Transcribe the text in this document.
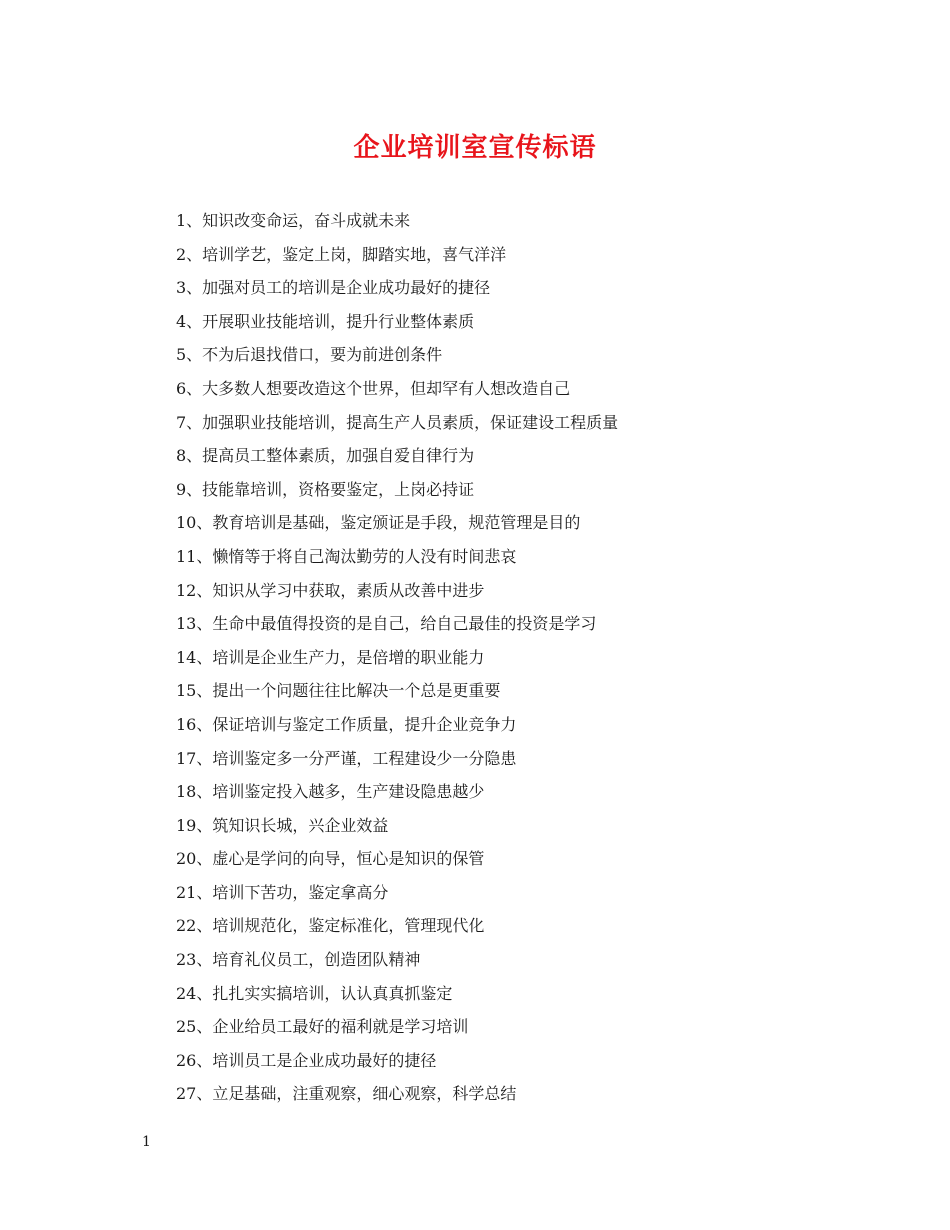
企业培训室宣传标语
1、知识改变命运，奋斗成就未来
2、培训学艺，鉴定上岗，脚踏实地，喜气洋洋
3、加强对员工的培训是企业成功最好的捷径
4、开展职业技能培训，提升行业整体素质
5、不为后退找借口，要为前进创条件
6、大多数人想要改造这个世界，但却罕有人想改造自己
7、加强职业技能培训，提高生产人员素质，保证建设工程质量
8、提高员工整体素质，加强自爱自律行为
9、技能靠培训，资格要鉴定，上岗必持证
10、教育培训是基础，鉴定颁证是手段，规范管理是目的
11、懒惰等于将自己淘汰勤劳的人没有时间悲哀
12、知识从学习中获取，素质从改善中进步
13、生命中最值得投资的是自己，给自己最佳的投资是学习
14、培训是企业生产力，是倍增的职业能力
15、提出一个问题往往比解决一个总是更重要
16、保证培训与鉴定工作质量，提升企业竞争力
17、培训鉴定多一分严谨，工程建设少一分隐患
18、培训鉴定投入越多，生产建设隐患越少
19、筑知识长城，兴企业效益
20、虚心是学问的向导，恒心是知识的保管
21、培训下苦功，鉴定拿高分
22、培训规范化，鉴定标准化，管理现代化
23、培育礼仪员工，创造团队精神
24、扎扎实实搞培训，认认真真抓鉴定
25、企业给员工最好的福利就是学习培训
26、培训员工是企业成功最好的捷径
27、立足基础，注重观察，细心观察，科学总结
1
